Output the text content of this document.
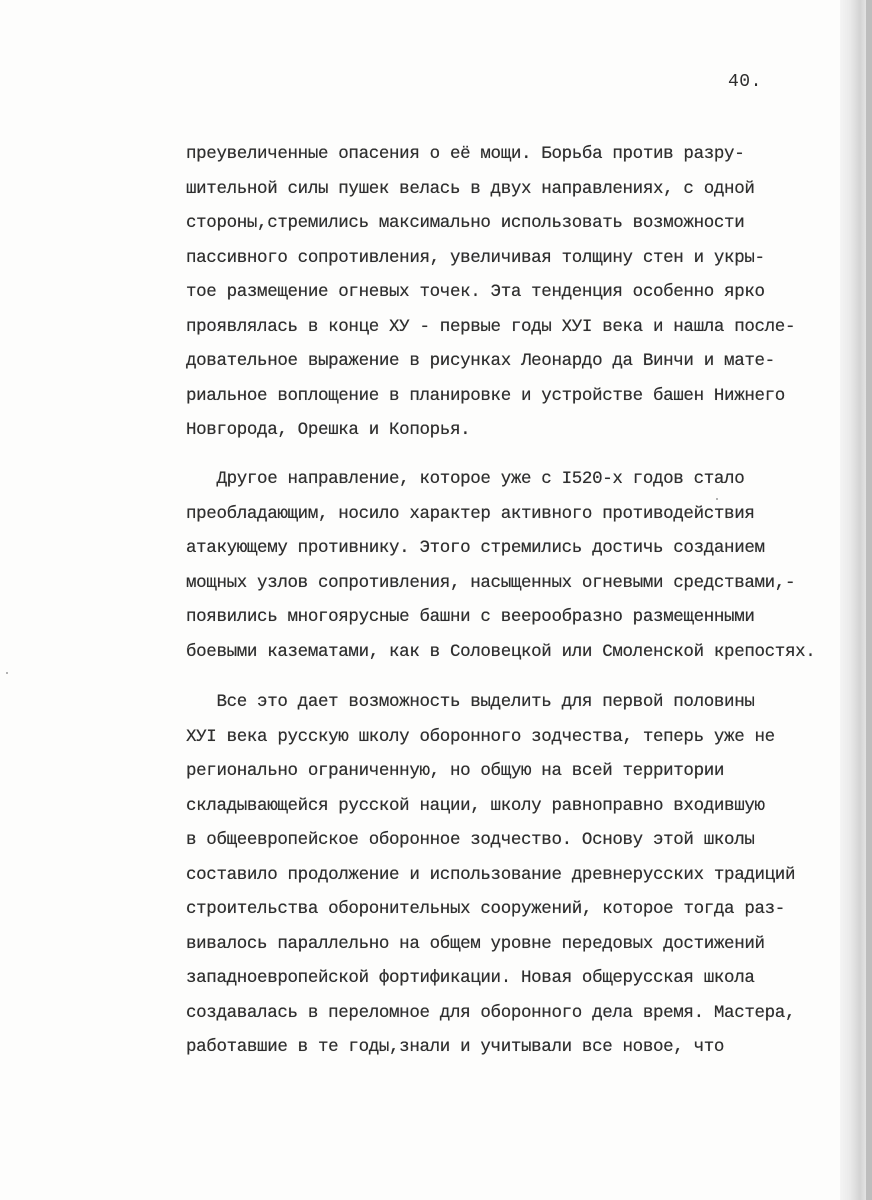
40.
преувеличенные опасения о её мощи. Борьба против разру-
шительной силы пушек велась в двух направлениях, с одной
стороны,стремились максимально использовать возможности
пассивного сопротивления, увеличивая толщину стен и укры-
тое размещение огневых точек. Эта тенденция особенно ярко
проявлялась в конце ХУ - первые годы ХУI века и нашла после-
довательное выражение в рисунках Леонардо да Винчи и мате-
риальное воплощение в планировке и устройстве башен Нижнего
Новгорода, Орешка и Копорья.
Другое направление, которое уже с I520-х годов стало
преобладающим, носило характер активного противодействия
атакующему противнику. Этого стремились достичь созданием
мощных узлов сопротивления, насыщенных огневыми средствами,-
появились многоярусные башни с веерообразно размещенными
боевыми казематами, как в Соловецкой или Смоленской крепостях.
Все это дает возможность выделить для первой половины
ХУI века русскую школу оборонного зодчества, теперь уже не
регионально ограниченную, но общую на всей территории
складывающейся русской нации, школу равноправно входившую
в общеевропейское оборонное зодчество. Основу этой школы
составило продолжение и использование древнерусских традиций
строительства оборонительных сооружений, которое тогда раз-
вивалось параллельно на общем уровне передовых достижений
западноевропейской фортификации. Новая общерусская школа
создавалась в переломное для оборонного дела время. Мастера,
работавшие в те годы,знали и учитывали все новое, что
